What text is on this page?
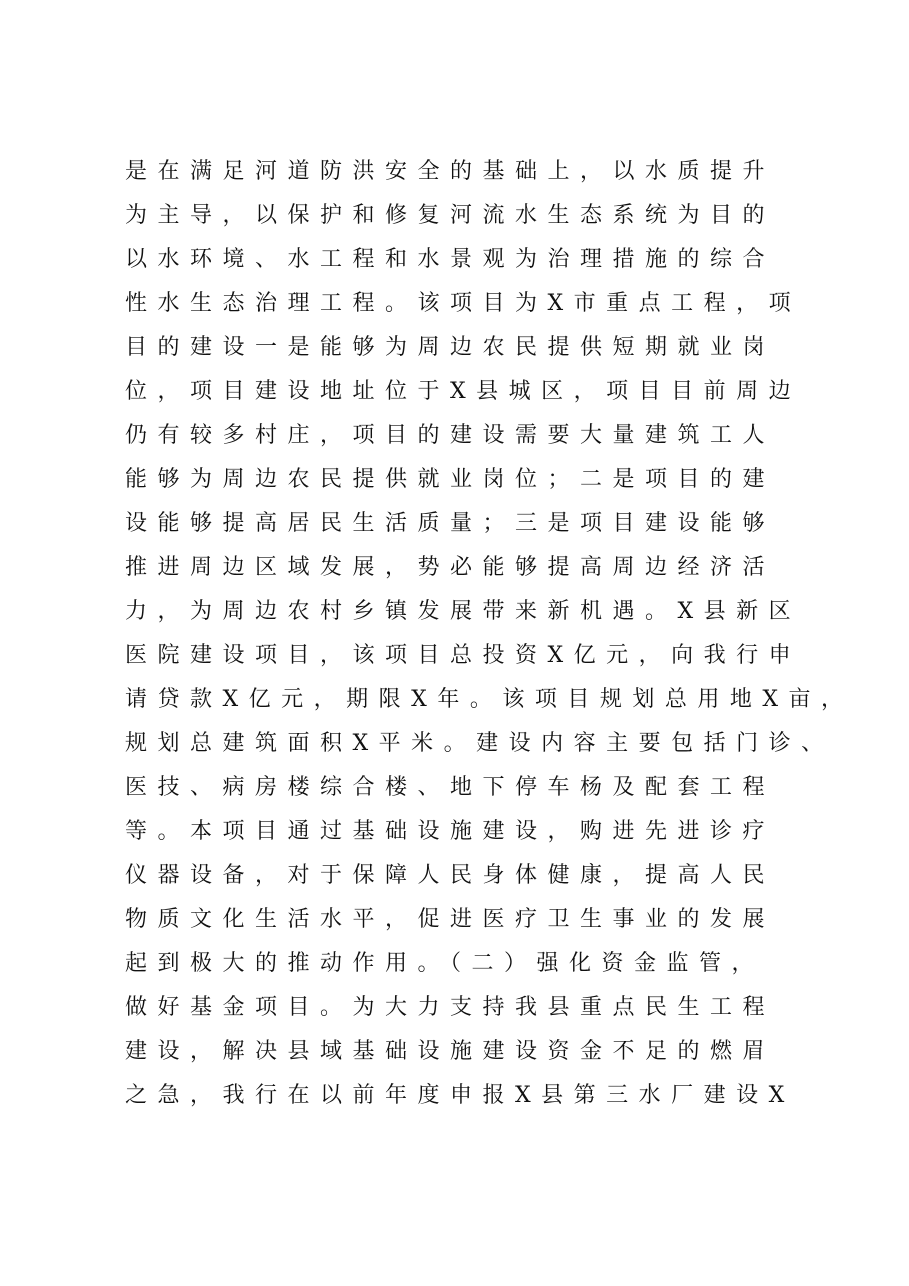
是在满足河道防洪安全的基础上，以水质提升
为主导，以保护和修复河流水生态系统为目的
以水环境、水工程和水景观为治理措施的综合
性水生态治理工程。该项目为X市重点工程，项
目的建设一是能够为周边农民提供短期就业岗
位，项目建设地址位于X县城区，项目目前周边
仍有较多村庄，项目的建设需要大量建筑工人
能够为周边农民提供就业岗位；二是项目的建
设能够提高居民生活质量；三是项目建设能够
推进周边区域发展，势必能够提高周边经济活
力，为周边农村乡镇发展带来新机遇。X县新区
医院建设项目，该项目总投资X亿元，向我行申
请贷款X亿元，期限X年。该项目规划总用地X亩，
规划总建筑面积X平米。建设内容主要包括门诊、
医技、病房楼综合楼、地下停车杨及配套工程
等。本项目通过基础设施建设，购进先进诊疗
仪器设备，对于保障人民身体健康，提高人民
物质文化生活水平，促进医疗卫生事业的发展
起到极大的推动作用。（二）强化资金监管，
做好基金项目。为大力支持我县重点民生工程
建设，解决县域基础设施建设资金不足的燃眉
之急，我行在以前年度申报X县第三水厂建设X
